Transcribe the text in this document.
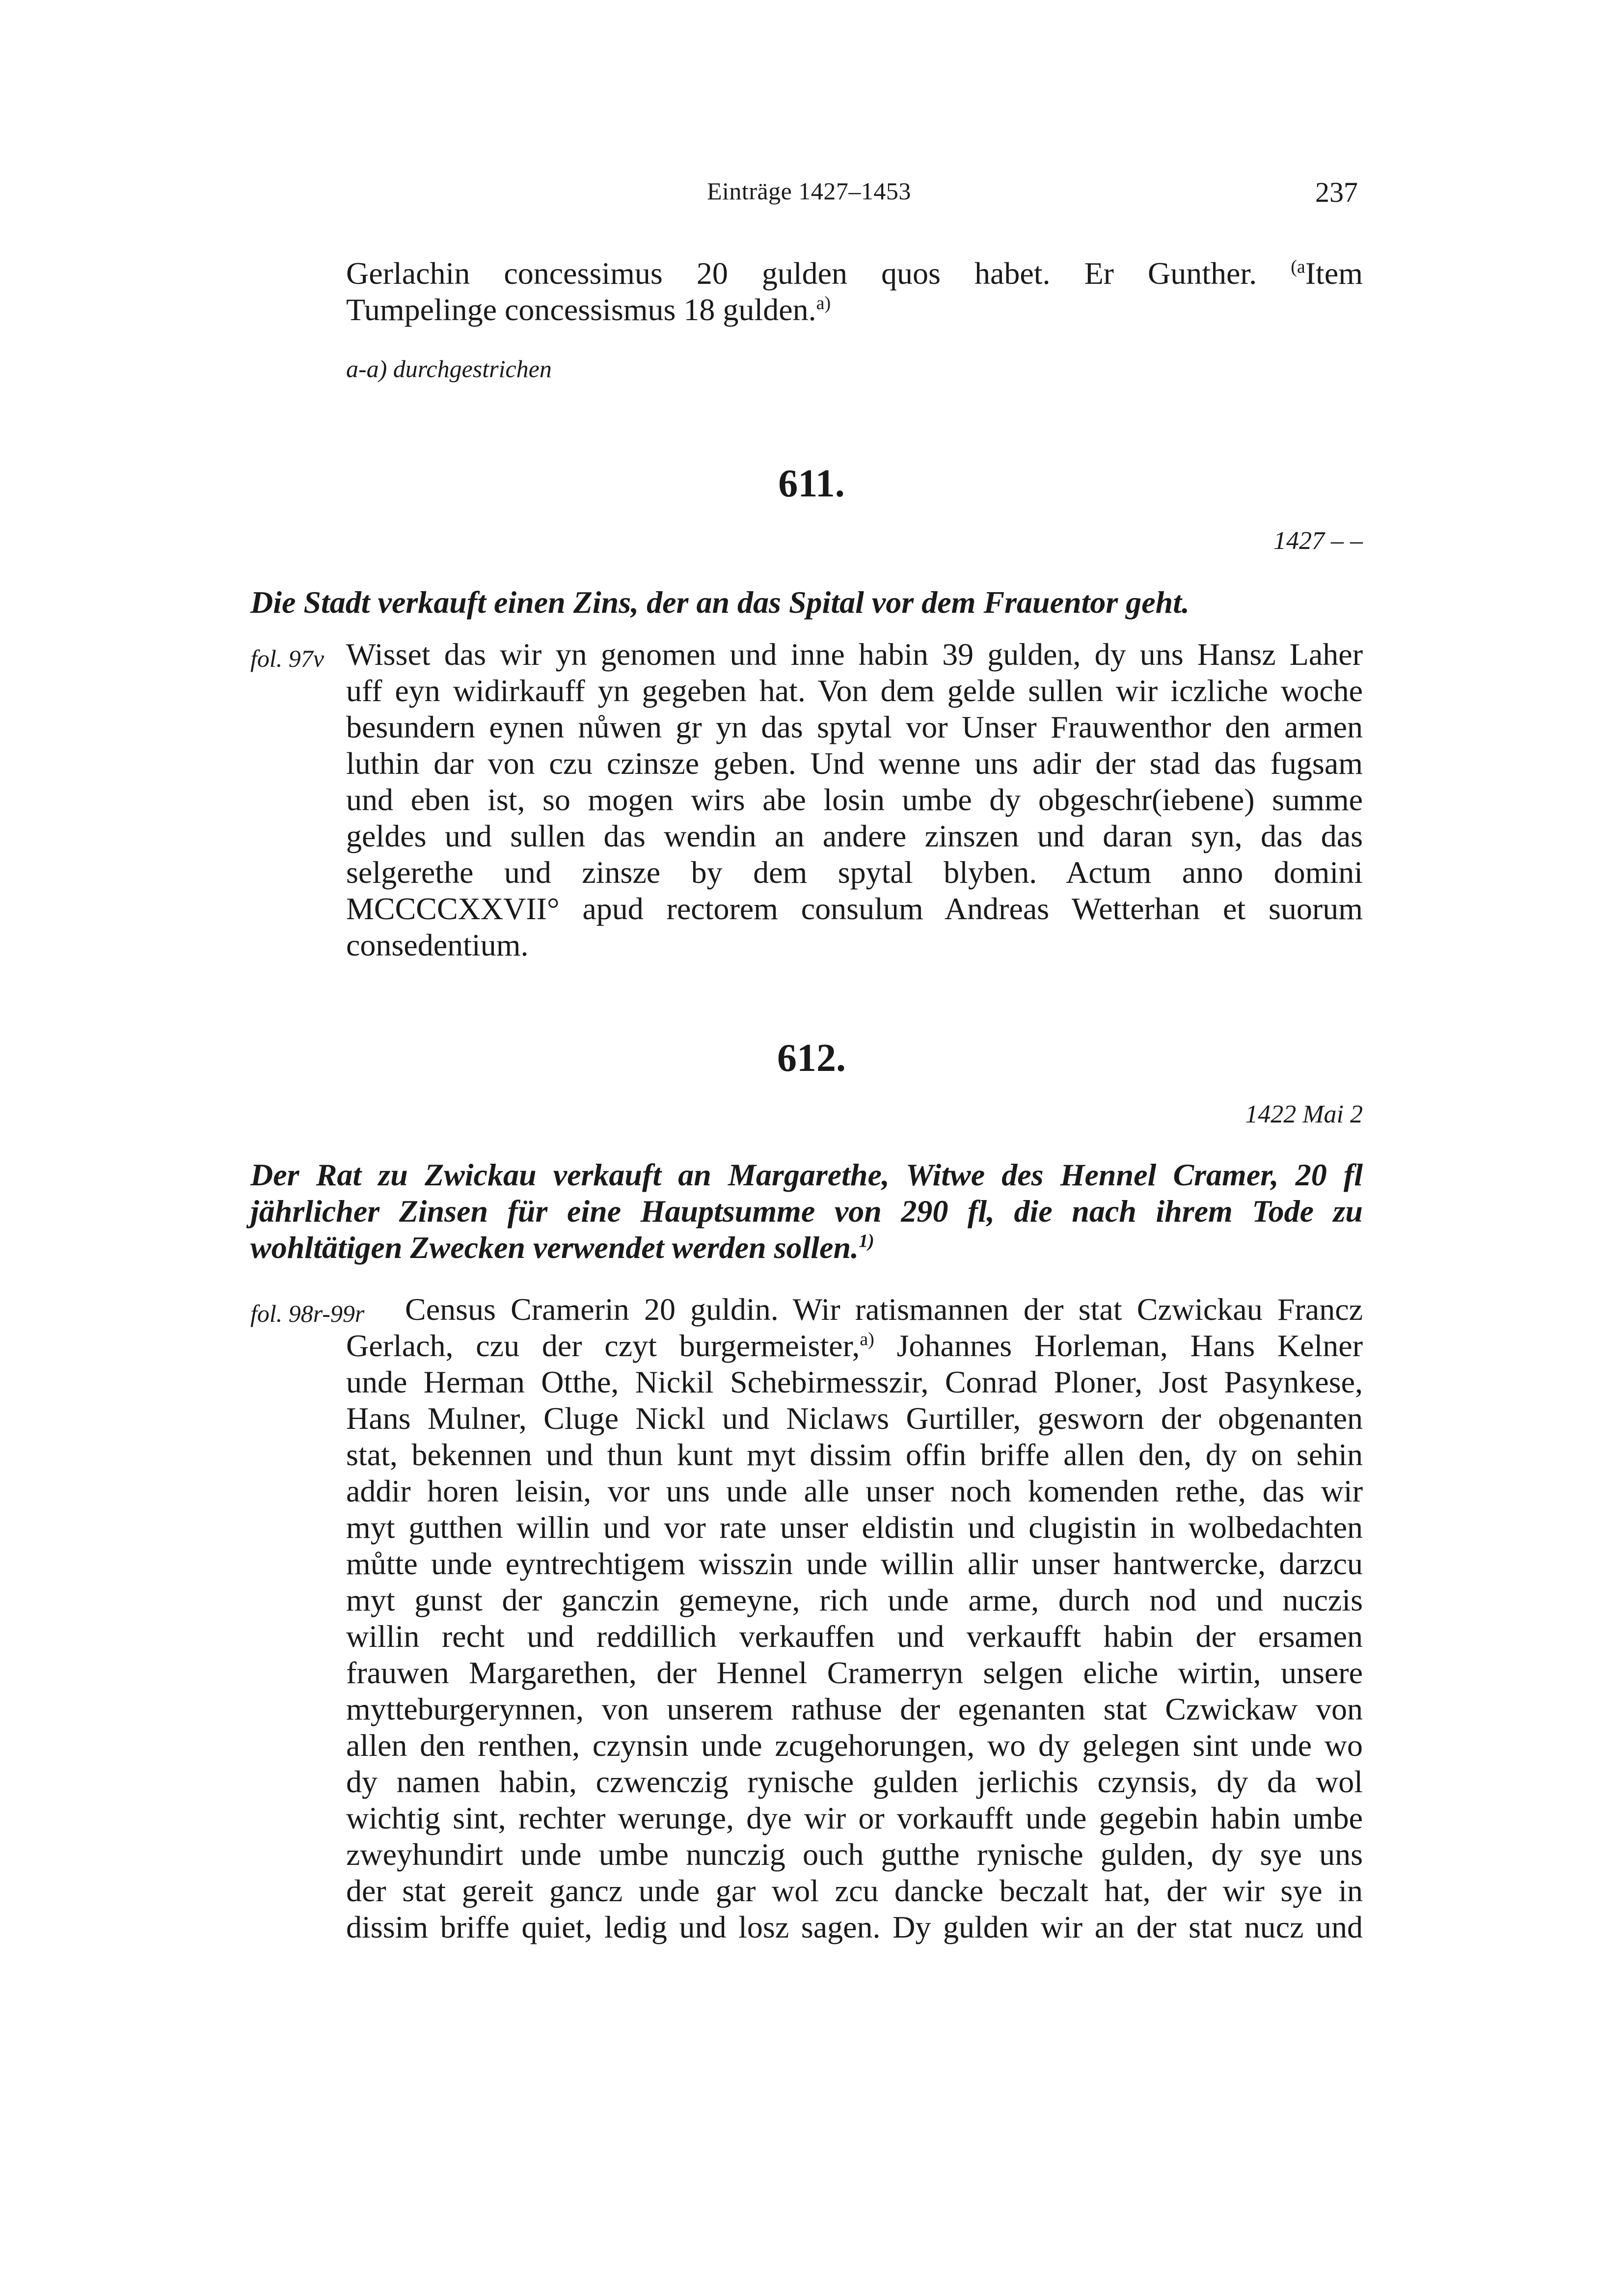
Einträge 1427–1453	237
Gerlachin concessimus 20 gulden quos habet. Er Gunther. $^{(a}$Item
Tumpelinge concessismus 18 gulden.$^{a)}$
a-a) durchgestrichen
611.
1427 – –
Die Stadt verkauft einen Zins, der an das Spital vor dem Frauentor geht.
fol. 97v Wisset das wir yn genomen und inne habin 39 gulden, dy uns Hansz Laher
uff eyn widirkauff yn gegeben hat. Von dem gelde sullen wir iczliche woche
besundern eynen nůwen gr yn das spytal vor Unser Frauwenthor den armen
luthin dar von czu czinsze geben. Und wenne uns adir der stad das fugsam
und eben ist, so mogen wirs abe losin umbe dy obgeschr(iebene) summe
geldes und sullen das wendin an andere zinszen und daran syn, das das
selgerethe und zinsze by dem spytal blyben. Actum anno domini
MCCCCXXVII° apud rectorem consulum Andreas Wetterhan et suorum
consedentium.
612.
1422 Mai 2
Der Rat zu Zwickau verkauft an Margarethe, Witwe des Hennel Cramer, 20 fl
jährlicher Zinsen für eine Hauptsumme von 290 fl, die nach ihrem Tode zu
wohltätigen Zwecken verwendet werden sollen.$^{1)}$
fol. 98r-99r	Census Cramerin 20 guldin. Wir ratismannen der stat Czwickau Francz
Gerlach, czu der czyt burgermeister,$^{a)}$ Johannes Horleman, Hans Kelner
unde Herman Otthe, Nickil Schebirmesszir, Conrad Ploner, Jost Pasynkese,
Hans Mulner, Cluge Nickl und Niclaws Gurtiller, gesworn der obgenanten
stat, bekennen und thun kunt myt dissim offin briffe allen den, dy on sehin
addir horen leisin, vor uns unde alle unser noch komenden rethe, das wir
myt gutthen willin und vor rate unser eldistin und clugistin in wolbedachten
můtte unde eyntrechtigem wisszin unde willin allir unser hantwercke, darzcu
myt gunst der ganczin gemeyne, rich unde arme, durch nod und nuczis
willin recht und reddillich verkauffen und verkaufft habin der ersamen
frauwen Margarethen, der Hennel Cramerryn selgen eliche wirtin, unsere
mytteburgerynnen, von unserem rathuse der egenanten stat Czwickaw von
allen den renthen, czynsin unde zcugehorungen, wo dy gelegen sint unde wo
dy namen habin, czwenczig rynische gulden jerlichis czynsis, dy da wol
wichtig sint, rechter werunge, dye wir or vorkaufft unde gegebin habin umbe
zweyhundirt unde umbe nunczig ouch gutthe rynische gulden, dy sye uns
der stat gereit gancz unde gar wol zcu dancke beczalt hat, der wir sye in
dissim briffe quiet, ledig und losz sagen. Dy gulden wir an der stat nucz und
